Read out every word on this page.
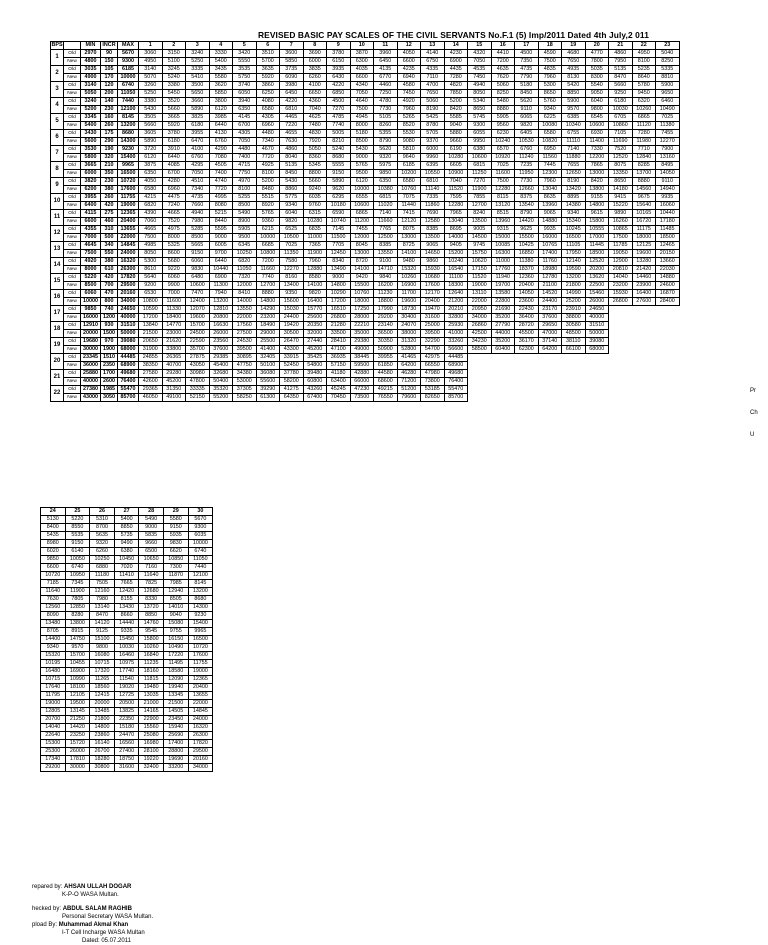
REVISED BASIC PAY SCALES OF THE CIVIL SERVANTS No.F.1 (5) Imp/2011 Dated 4th July,2 011
BPS		MIN	INCR	MAX	1	2	3	4	5	6	7	8	9	10	11	12	13	14	15	16	17	18	19	20	21	22	23
1	Old	2970	90	5670	3060	3150	3240	3330	3420	3510	3600	3690	3780	3870	3960	4050	4140	4230	4320	4410	4500	4590	4680	4770	4860	4950	5040
	New	4800	150	9300	4950	5100	5250	5400	5550	5700	5850	6000	6150	6300	6450	6600	6750	6900	7050	7200	7350	7500	7650	7800	7950	8100	8250
2	Old	3035	105	6185	3140	3245	3335	3435	3535	3635	3735	3835	3935	4035	4135	4235	4335	4435	4535	4635	4735	4835	4935	5035	5135	5235	5335
	New	4900	170	10000	5070	5240	5410	5580	5750	5920	6090	6260	6430	6600	6770	6940	7110	7280	7450	7620	7790	7960	8130	8300	8470	8640	8810
3	Old	3140	120	6740	3260	3380	3500	3620	3740	3860	3980	4100	4220	4340	4460	4580	4700	4820	4940	5060	5180	5300	5420	5540	5660	5780	5900
	New	5050	200	11050	5250	5450	5650	5850	6050	6250	6450	6650	6850	7050	7250	7450	7650	7850	8050	8250	8450	8650	8850	9050	9250	9450	9650
4	Old	3240	140	7440	3380	3520	3660	3800	3940	4080	4220	4360	4500	4640	4780	4920	5060	5200	5340	5480	5620	5760	5900	6040	6180	6320	6460
	New	5200	230	12100	5430	5660	5890	6120	6350	6580	6810	7040	7270	7500	7730	7960	8190	8420	8650	8880	9110	9340	9570	9800	10030	10260	10490
5	Old	3345	160	8145	3505	3665	3825	3985	4145	4305	4465	4625	4785	4945	5105	5265	5425	5585	5745	5905	6065	6225	6385	6545	6705	6865	7025
	New	5400	260	13200	5660	5920	6180	6440	6700	6960	7220	7480	7740	8000	8260	8520	8780	9040	9300	9560	9820	10080	10340	10600	10860	11120	11380
6	Old	3430	175	8680	3605	3780	3955	4130	4305	4480	4655	4830	5005	5180	5355	5530	5705	5880	6055	6230	6405	6580	6755	6930	7105	7280	7455
	New	5600	290	14300	5890	6180	6470	6760	7050	7340	7630	7920	8210	8500	8790	9080	9370	9660	9950	10240	10530	10820	11110	11400	11690	11980	12270
7	Old	3530	190	9230	3720	3910	4100	4290	4480	4670	4860	5050	5240	5430	5620	5810	6000	6190	6380	6570	6760	6950	7140	7330	7520	7710	7900
	New	5800	320	15400	6120	6440	6760	7080	7400	7720	8040	8360	8680	9000	9320	9640	9960	10280	10600	10920	11240	11560	11880	12200	12520	12840	13160
8	Old	3665	210	9965	3875	4085	4295	4505	4715	4925	5135	5345	5555	5765	5975	6185	6395	6605	6815	7025	7235	7445	7655	7865	8075	8285	8495
	New	6000	350	16500	6350	6700	7050	7400	7750	8100	8450	8800	9150	9500	9850	10200	10550	10900	11250	11600	11950	12300	12650	13000	13350	13700	14050
9	Old	3820	230	10720	4050	4280	4510	4740	4970	5200	5430	5660	5890	6120	6350	6580	6810	7040	7270	7500	7730	7960	8190	8420	8650	8880	9110
	New	6200	380	17600	6580	6960	7340	7720	8100	8480	8860	9240	9620	10000	10380	10760	11140	11520	11900	12280	12660	13040	13420	13800	14180	14560	14940
10	Old	3955	260	11755	4215	4475	4735	4995	5255	5515	5775	6035	6295	6555	6815	7075	7335	7595	7855	8115	8375	8635	8895	9155	9415	9675	9935
	New	6400	420	19000	6820	7240	7660	8080	8500	8920	9340	9760	10180	10600	11020	11440	11860	12280	12700	13120	13540	13960	14380	14800	15220	15640	16060
11	Old	4115	275	12365	4390	4665	4940	5215	5490	5765	6040	6315	6590	6865	7140	7415	7690	7965	8240	8515	8790	9065	9340	9615	9890	10165	10440
	New	6600	460	20400	7060	7520	7980	8440	8900	9360	9820	10280	10740	11200	11660	12120	12580	13040	13500	13960	14420	14880	15340	15800	16260	16720	17180
12	Old	4355	310	13655	4665	4975	5285	5595	5905	6215	6525	6835	7145	7455	7765	8075	8385	8695	9005	9315	9625	9935	10245	10555	10865	11175	11485
	New	7000	500	22000	7500	8000	8500	9000	9500	10000	10500	11000	11500	12000	12500	13000	13500	14000	14500	15000	15500	16000	16500	17000	17500	18000	18500
13	Old	4645	340	14845	4985	5325	5665	6005	6345	6685	7025	7365	7705	8045	8385	8725	9065	9405	9745	10085	10425	10765	11105	11445	11785	12125	12465
	New	7500	550	24000	8050	8600	9150	9700	10250	10800	11350	11900	12450	13000	13550	14100	14650	15200	15750	16300	16850	17400	17950	18500	19050	19600	20150
14	Old	4920	380	16320	5300	5680	6060	6440	6820	7200	7580	7960	8340	8720	9100	9480	9860	10240	10620	11000	11380	11760	12140	12520	12900	13280	13660
	New	8000	610	26300	8610	9220	9830	10440	11050	11660	12270	12880	13490	14100	14710	15320	15930	16540	17150	17760	18370	18980	19590	20200	20810	21420	22030
15	Old	5220	420	17820	5640	6060	6480	6900	7320	7740	8160	8580	9000	9420	9840	10260	10680	11100	11520	11940	12360	12780	13200	13620	14040	14460	14880
	New	8500	700	29500	9200	9900	10600	11300	12000	12700	13400	14100	14800	15500	16200	16900	17600	18300	19000	19700	20400	21100	21800	22500	23200	23900	24600
16	Old	6060	470	20160	6530	7000	7470	7940	8410	8880	9350	9820	10290	10760	11230	11700	12170	12640	13110	13580	14050	14520	14990	15460	15930	16400	16870
	New	10000	800	34000	10800	11600	12400	13200	14000	14800	15600	16400	17200	18000	18800	19600	20400	21200	22000	22800	23600	24400	25200	26000	26800	27600	28400
17	Old	9850	740	24650	10590	11330	12070	12810	13550	14290	15030	15770	16510	17250	17990	18730	19470	20210	20950	21690	22430	23170	23910	24650			
	New	16000	1200	40000	17200	18400	19600	20800	22000	23200	24400	25600	26800	28000	29200	30400	31600	32800	34000	35200	36400	37600	38800	40000			
18	Old	12910	930	31510	13840	14770	15700	16630	17560	18490	19420	20350	21280	22210	23140	24070	25000	25930	26860	27790	28720	29650	30580	31510			
	New	20000	1500	50000	21500	23000	24500	26000	27500	29000	30500	32000	33500	35000	36500	38000	39500	41000	42500	44000	45500	47000	48500	50000			
19	Old	19680	970	39080	20650	21620	22590	23560	24530	25500	26470	27440	28410	29380	30350	31320	32290	33260	34230	35200	36170	37140	38110	39080			
	New	30000	1900	68000	31900	33800	35700	37600	39500	41400	43300	45200	47100	49000	50900	52800	54700	56600	58500	60400	62300	64200	66100	68000			
20	Old	23345	1510	44485	24855	26365	27875	29385	30895	32405	33915	35425	36935	38445	39955	41465	42975	44485									
	New	36000	2350	68900	38350	40700	43050	45400	47750	50100	52450	54800	57150	59500	61850	64200	66550	68900									
21	Old	25880	1700	49680	27580	29280	30980	32680	34380	36080	37780	39480	41180	42880	44580	46280	47980	49680									
	New	40000	2600	76400	42600	45200	47800	50400	53000	55600	58200	60800	63400	66000	68600	71200	73800	76400									
22	Old	27380	1985	55470	29365	31350	33335	35320	37305	39290	41275	43260	45245	47230	49215	51200	53185	55470									
	New	43000	3050	85700	46050	49100	52150	55200	58250	61300	64350	67400	70450	73500	76550	79600	82650	85700									
24	25	26	27	28	29	30
5130	5220	5310	5400	5490	5580	5670
8400	8550	8700	8850	9000	9150	9300
5435	5535	5635	5735	5835	5935	6035
8980	9150	9320	9490	9660	9830	10000
6020	6140	6260	6380	6500	6620	6740
9850	10050	10250	10450	10650	10850	11050
6600	6740	6880	7020	7160	7300	7440
10720	10950	11180	11410	11640	11870	12100
7185	7345	7505	7665	7825	7985	8145
11640	11900	12160	12420	12680	12940	13200
7630	7805	7980	8155	8330	8505	8680
12560	12850	13140	13430	13720	14010	14300
8090	8280	8470	8660	8850	9040	9230
13480	13800	14120	14440	14760	15080	15400
8705	8915	9125	9335	9545	9755	9965
14400	14750	15100	15450	15800	16150	16500
9340	9570	9800	10030	10260	10490	10720
15320	15700	16080	16460	16840	17220	17600
10195	10455	10715	10975	11235	11495	11755
16480	16900	17320	17740	18160	18580	19000
10715	10990	11265	11540	11815	12090	12365
17640	18100	18560	19020	19480	19940	20400
11795	12105	12415	12725	13035	13345	13655
19000	19500	20000	20500	21000	21500	22000
12805	13145	13485	13825	14165	14505	14845
20700	21250	21800	22350	22900	23450	24000
14040	14420	14800	15180	15560	15940	16320
22640	23250	23860	24470	25080	25690	26300
15300	15720	16140	16560	16980	17400	17820
25300	26000	26700	27400	28100	28800	29500
17340	17810	18280	18750	19220	19690	20160
29200	30000	30800	31600	32400	33200	34000
Pr
Ch
U
repared by: AHSAN ULLAH DOGAR
K-P-O WASA Multan.
hecked by: ABDUL SALAM RAGHIB
Personal Secretary WASA Multan.
pload By: Muhammad Akmal Khan
I-T Cell Incharge WASA Multan
Dated: 05.07.2011
